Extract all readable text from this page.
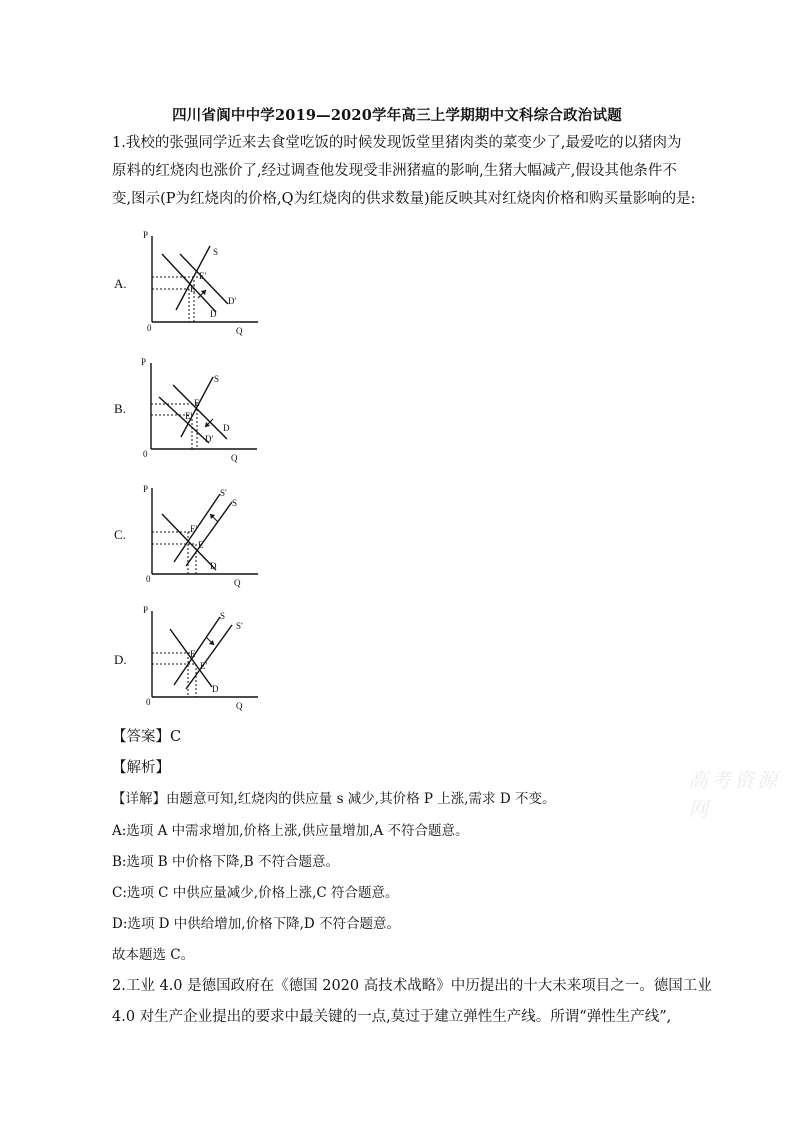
四川省阆中中学2019—2020学年高三上学期期中文科综合政治试题
1.我校的张强同学近来去食堂吃饭的时候发现饭堂里猪肉类的菜变少了,最爱吃的以猪肉为
原料的红烧肉也涨价了,经过调查他发现受非洲猪瘟的影响,生猪大幅减产,假设其他条件不
变,图示(P为红烧肉的价格,Q为红烧肉的供求数量)能反映其对红烧肉价格和购买量影响的是:
A.
P
Q
0
S
E′
E
D′
D
B.
P
Q
0
S
E
E′
D
D′
C.
P
Q
0
S′
S
E′
E
D
D.
P
Q
0
S
S′
E
E′
D
【答案】C
【解析】
【详解】由题意可知,红烧肉的供应量 s 减少,其价格 P 上涨,需求 D 不变。
A:选项 A 中需求增加,价格上涨,供应量增加,A 不符合题意。
B:选项 B 中价格下降,B 不符合题意。
C:选项 C 中供应量减少,价格上涨,C 符合题意。
D:选项 D 中供给增加,价格下降,D 不符合题意。
故本题选 C。
2.工业 4.0 是德国政府在《德国 2020 高技术战略》中历提出的十大未来项目之一。德国工业
4.0 对生产企业提出的要求中最关键的一点,莫过于建立弹性生产线。所谓“弹性生产线”,
高考资源网
